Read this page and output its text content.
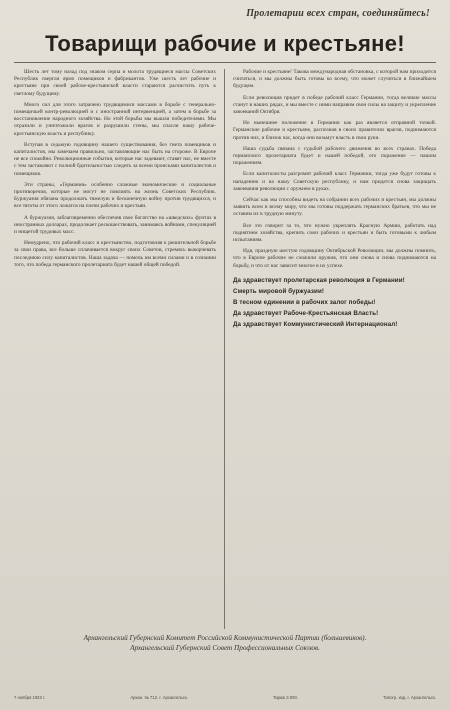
Пролетарии всех стран, соединяйтесь!
Товарищи рабочие и крестьяне!

Шесть лет тому назад под знаком серпа и молота трудящиеся массы Советских Республик свергли ярмо помещиков и фабрикантов. Уже шесть лет рабочие и крестьяне при своей рабоче-крестьянской власти стараются расчистить путь к светлому будущему.

Много сил для этого затрачено трудящимися массами в борьбе с генерально-помещичьей контр-революцией и с иностранной интервенцией, а затем в борьбе за восстановление народного хозяйства. Но этой борьбы мы вышли победителями. Мы отразили и уничтожили врагов и разрушили стены, мы спасли нашу рабоче-крестьянскую власть и республику.

Вступая в седьмую годовщину нашего существования, без гнета помещиков и капиталистов, мы замечаем правильно, заставляющие нас быть на стороже. В Европе не все спокойно. Революционные события, которые нас задевают, ставят нас, не вместе с тем заставляют с полной бдительностью следить за всеми происками капиталистов и помещиков.

Эти страны, «Германия» особенно сложные экономические и социальные противоречия, которые не могут не повлиять на жизнь Советских Республик. Буржуазия обязана продолжать тяжелую и бесконечную войну против трудящихся, и все тяготы от этого ложатся на плечи рабочих и крестьян.

А буржуазия, заблаговременно обеспечив свое богатство на «шведских» фунтах в иностранных долларах, продолжает роскошествовать, занимаясь войнами, спекуляцией и нищетой трудовых масс.

Немудрено, что рабочий класс и крестьянство, подготовляя к решительной борьбе за свои права, все больше сплачивается вокруг своих Советов, стремясь выкорчевать последнюю силу капиталистов. Наша задача — помочь им всеми силами и в сознании того, что победа германского пролетариата будет нашей общей победой.

Рабочие и крестьяне! Такова международная обстановка, с которой нам приходится считаться, и мы должны быть готовы ко всему, что может случиться в ближайшем будущем.

Если революция придет в победе рабочий класс Германии, тогда великие массы станут в наших рядах, и мы вместе с ними направим свои силы на защиту и укрепление завоеваний Октября.

Но нынешнее положение в Германии как раз является отправной точкой. Германские рабочие и крестьяне, распознав в своих правителях врагов, поднимаются против них, и близок час, когда они возьмут власть в свои руки.

Наша судьба связана с судьбой рабочего движения во всех странах. Победа германского пролетариата будет и нашей победой, его поражение — нашим поражением.

Если капиталисты разгромят рабочий класс Германии, тогда уже будут готовы к нападению и на нашу Советскую республику, и нам придется снова защищать завоевания революции с оружием в руках.

Сейчас как мы способны видеть на собрании всех рабочих и крестьян, мы должны заявить всем и всему миру, что мы готовы поддержать германских братьев, что мы не оставим их в трудную минуту.

Все это говорит за то, что нужно укреплять Красную Армию, работать над поднятием хозяйства, крепить союз рабочих и крестьян и быть готовыми к любым испытаниям.

Идя, праздную шестую годовщину Октябрьской Революции, мы должны помнить, что в Европе рабочие не сложили оружия, что они снова и снова поднимаются на борьбу, и что от нас зависит многое в их успехе.

Да здравствует пролетарская революция в Германии!
Смерть мировой буржуазии!
В тесном единении в рабочих залог победы!
Да здравствует Рабоче-Крестьянская Власть!
Да здравствует Коммунистический Интернационал!
Архангельский Губернский Комитет Российской Коммунистической Партии (большевиков).
Архангельский Губернский Совет Профессиональных Союзов.
7 ноября 1923 г.	Архан. № 712. г. Архангельск.	Тираж 3.000.	Типогр. изд. г. Архангельск.
